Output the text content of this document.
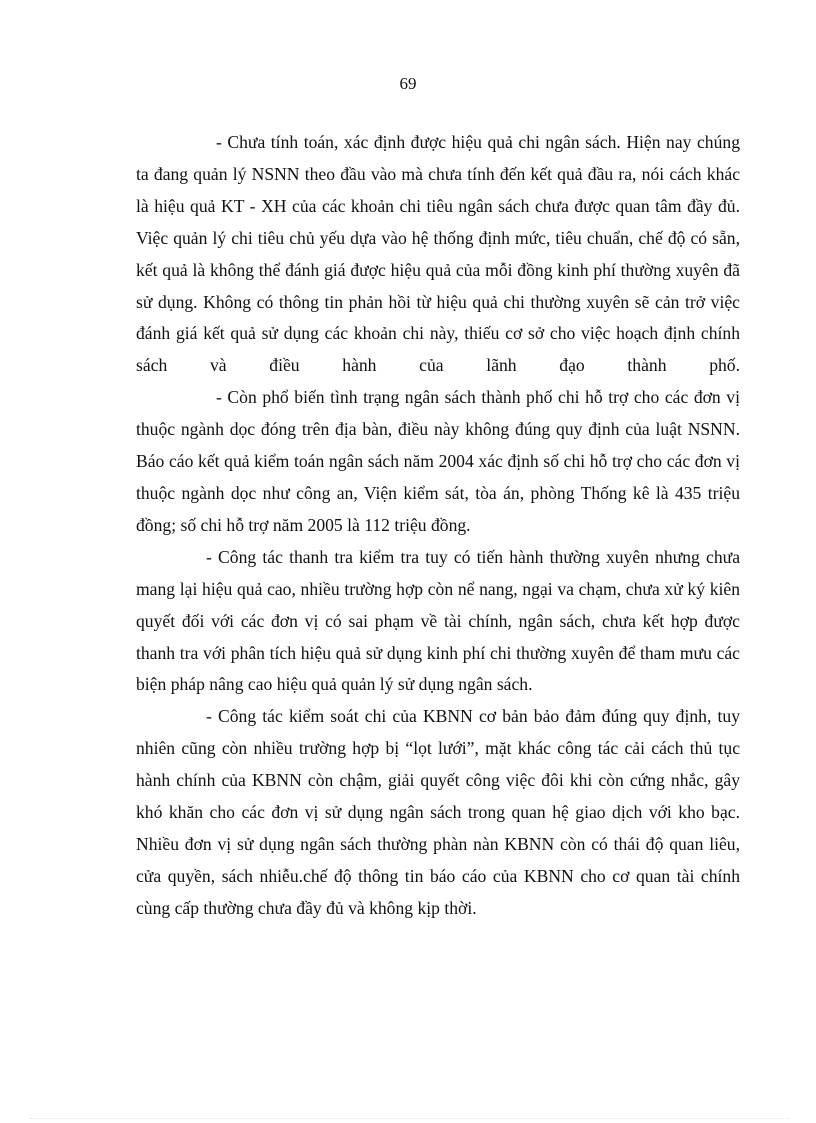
69

- Chưa tính toán, xác định được hiệu quả chi ngân sách. Hiện nay chúng ta đang quản lý NSNN theo đầu vào mà chưa tính đến kết quả đầu ra, nói cách khác là hiệu quả KT - XH của các khoản chi tiêu ngân sách chưa được quan tâm đầy đủ. Việc quản lý chi tiêu chủ yếu dựa vào hệ thống định mức, tiêu chuẩn, chế độ có sẵn, kết quả là không thể đánh giá được hiệu quả của mỗi đồng kinh phí thường xuyên đã sử dụng. Không có thông tin phản hồi từ hiệu quả chi thường xuyên sẽ cản trở việc đánh giá kết quả sử dụng các khoản chi này, thiếu cơ sở cho việc hoạch định chính sách và điều hành của lãnh đạo thành phố.

- Còn phổ biến tình trạng ngân sách thành phố chi hỗ trợ cho các đơn vị thuộc ngành dọc đóng trên địa bàn, điều này không đúng quy định của luật NSNN. Báo cáo kết quả kiểm toán ngân sách năm 2004 xác định số chi hỗ trợ cho các đơn vị thuộc ngành dọc như công an, Viện kiểm sát, tòa án, phòng Thống kê là 435 triệu đồng; số chi hỗ trợ năm 2005 là 112 triệu đồng.

- Công tác thanh tra kiểm tra tuy có tiến hành thường xuyên nhưng chưa mang lại hiệu quả cao, nhiều trường hợp còn nể nang, ngại va chạm, chưa xử ký kiên quyết đối với các đơn vị có sai phạm về tài chính, ngân sách, chưa kết hợp được thanh tra với phân tích hiệu quả sử dụng kinh phí chi thường xuyên để tham mưu các biện pháp nâng cao hiệu quả quản lý sử dụng ngân sách.

- Công tác kiểm soát chi của KBNN cơ bản bảo đảm đúng quy định, tuy nhiên cũng còn nhiều trường hợp bị “lọt lưới”, mặt khác công tác cải cách thủ tục hành chính của KBNN còn chậm, giải quyết công việc đôi khi còn cứng nhắc, gây khó khăn cho các đơn vị sử dụng ngân sách trong quan hệ giao dịch với kho bạc. Nhiều đơn vị sử dụng ngân sách thường phàn nàn KBNN còn có thái độ quan liêu, cửa quyền, sách nhiễu.chế độ thông tin báo cáo của KBNN cho cơ quan tài chính cùng cấp thường chưa đầy đủ và không kịp thời.
